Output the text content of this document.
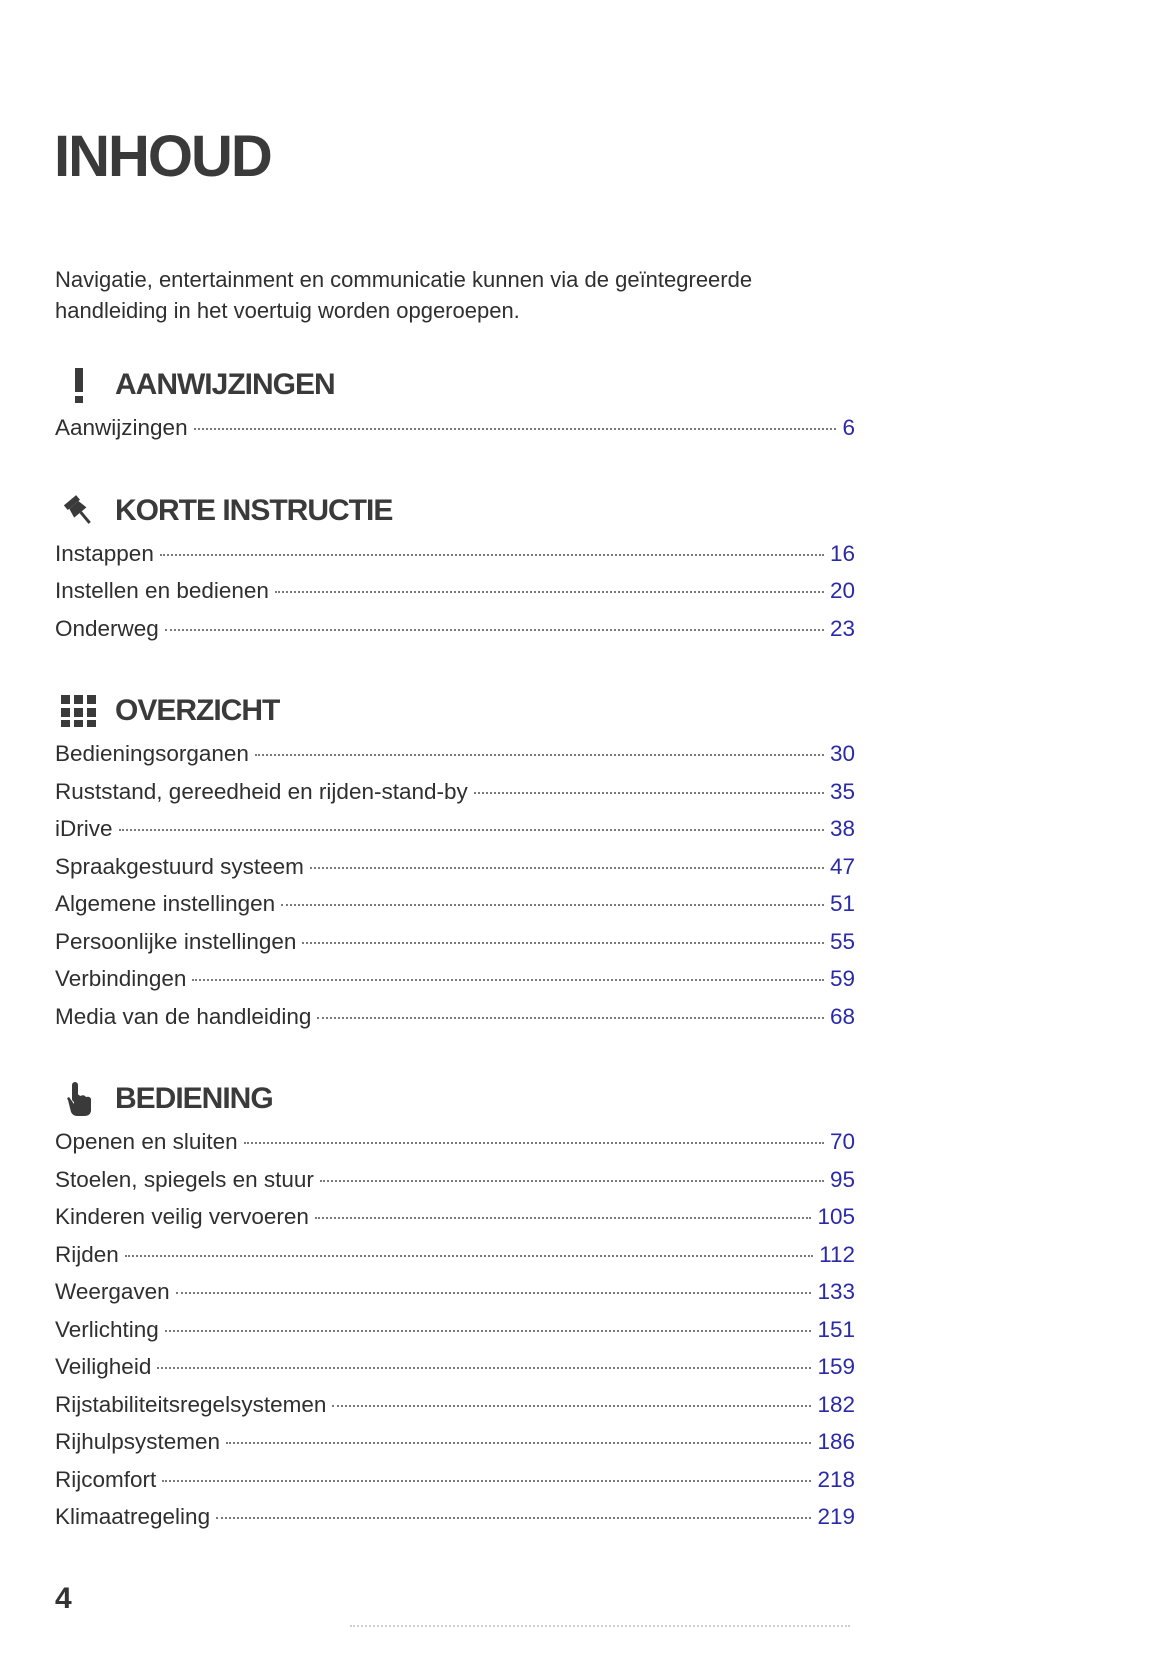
INHOUD
Navigatie, entertainment en communicatie kunnen via de geïntegreerde handleiding in het voertuig worden opgeroepen.
AANWIJZINGEN
Aanwijzingen	6
KORTE INSTRUCTIE
Instappen	16
Instellen en bedienen	20
Onderweg	23
OVERZICHT
Bedieningsorganen	30
Ruststand, gereedheid en rijden-stand-by	35
iDrive	38
Spraakgestuurd systeem	47
Algemene instellingen	51
Persoonlijke instellingen	55
Verbindingen	59
Media van de handleiding	68
BEDIENING
Openen en sluiten	70
Stoelen, spiegels en stuur	95
Kinderen veilig vervoeren	105
Rijden	112
Weergaven	133
Verlichting	151
Veiligheid	159
Rijstabiliteitsregelsystemen	182
Rijhulpsystemen	186
Rijcomfort	218
Klimaatregeling	219
4
